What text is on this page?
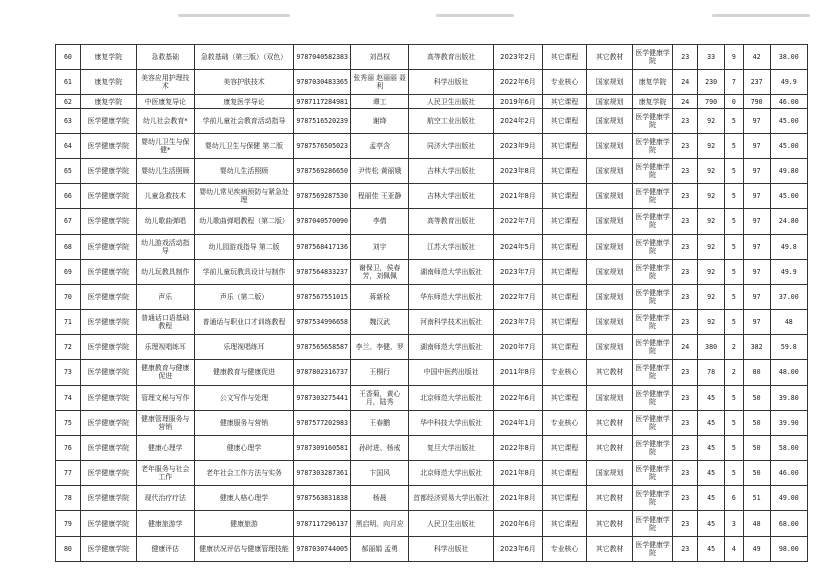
60	康复学院	急救基础	急救基础（第三版）（双色）	9787040582383	刘昌权	高等教育出版社	2023年2月	其它课程	其它教材	医学健康学院	23	33	9	42	38.00
61	康复学院	美容应用护理技术	美容护肤技术	9787030483365	张秀丽 赵丽丽 聂利	科学出版社	2022年6月	专业核心	国家规划	康复学院	24	230	7	237	49.9
62	康复学院	中医康复导论	康复医学导论	9787117284981	谭工	人民卫生出版社	2019年6月	其它课程	国家规划	康复学院	24	790	0	790	46.00
63	医学健康学院	幼儿社会教育*	学前儿童社会教育活动指导	9787516520239	谢绛	航空工业出版社	2024年2月	其它课程	国家规划	医学健康学院	23	92	5	97	45.00
64	医学健康学院	婴幼儿卫生与保健*	婴幼儿卫生与保健 第二版	9787576505023	孟亭含	同济大学出版社	2023年9月	其它课程	国家规划	医学健康学院	23	92	5	97	45.00
65	医学健康学院	婴幼儿生活照顾	婴幼儿生活照顾	9787569286650	尹传松 黄丽娥	吉林大学出版社	2023年8月	其它课程	国家规划	医学健康学院	23	92	5	97	49.80
66	医学健康学院	儿童急救技术	婴幼儿常见疾病预防与紧急处理	9787569287530	程丽佳 王亚静	吉林大学出版社	2021年8月	其它课程	国家规划	医学健康学院	23	92	5	97	45.00
67	医学健康学院	幼儿歌曲弹唱	幼儿歌曲弹唱教程（第二版）	9787040570090	李倩	高等教育出版社	2022年7月	其它课程	国家规划	医学健康学院	23	92	5	97	24.80
68	医学健康学院	幼儿游戏活动指导	幼儿园游戏指导 第二版	9787568417136	刘宇	江苏大学出版社	2024年5月	其它课程	国家规划	医学健康学院	23	92	5	97	49.8
69	医学健康学院	幼儿玩教具制作	学前儿童玩教具设计与制作	9787564833237	谢保卫，侯春芳，刘佩佩	湖南师范大学出版社	2023年7月	其它课程	国家规划	医学健康学院	23	92	5	97	49.9
70	医学健康学院	声乐	声乐（第二版）	9787567551015	蒋新检	华东师范大学出版社	2022年7月	其它课程	国家规划	医学健康学院	23	92	5	97	37.00
71	医学健康学院	普通话口语基础教程	普通话与职业口才训练教程	9787534996658	魏汉武	河南科学技术出版社	2023年7月	其它课程	国家规划	医学健康学院	23	92	5	97	48
72	医学健康学院	乐理视唱练耳	乐理视唱练耳	9787565658587	李兰、李健、罗	湖南师范大学出版社	2020年7月	其它课程	国家规划	医学健康学院	24	380	2	382	59.8
73	医学健康学院	健康教育与健康促进	健康教育与健康促进	9787802316737	王桐行	中国中医药出版社	2011年8月	专业核心	其它教材	医学健康学院	23	78	2	80	48.00
74	医学健康学院	管理文秘与写作	公文写作与处理	9787303275441	王香菊，黄心月，陆秀	北京师范大学出版社	2022年6月	其它课程	国家规划	医学健康学院	23	45	5	50	39.80
75	医学健康学院	健康管理服务与营销	健康服务与营销	9787577202983	王春鹏	华中科技大学出版社	2024年1月	专业核心	其它教材	医学健康学院	23	45	5	50	39.90
76	医学健康学院	健康心理学	健康心理学	9787309160581	孙时进、杨戒	复旦大学出版社	2022年8月	其它课程	其它教材	医学健康学院	23	45	5	50	58.00
77	医学健康学院	老年服务与社会工作	老年社会工作方法与实务	9787303287361	卞国风	北京师范大学出版社	2021年8月	其它课程	国家规划	医学健康学院	23	45	5	50	46.00
78	医学健康学院	现代治疗疗法	健康人格心理学	9787563831838	杨晨	首都经济贸易大学出版社	2021年8月	其它课程	其它教材	医学健康学院	23	45	6	51	49.00
79	医学健康学院	健康旅游学	健康旅游	9787117296137	黑启明、向月应	人民卫生出版社	2020年6月	其它课程	其它教材	医学健康学院	23	45	3	48	68.00
80	医学健康学院	健康评估	健康状况评估与健康管理技能	9787030744005	郝丽娟 孟勇	科学出版社	2023年6月	专业核心	其它教材	医学健康学院	23	45	4	49	98.00
